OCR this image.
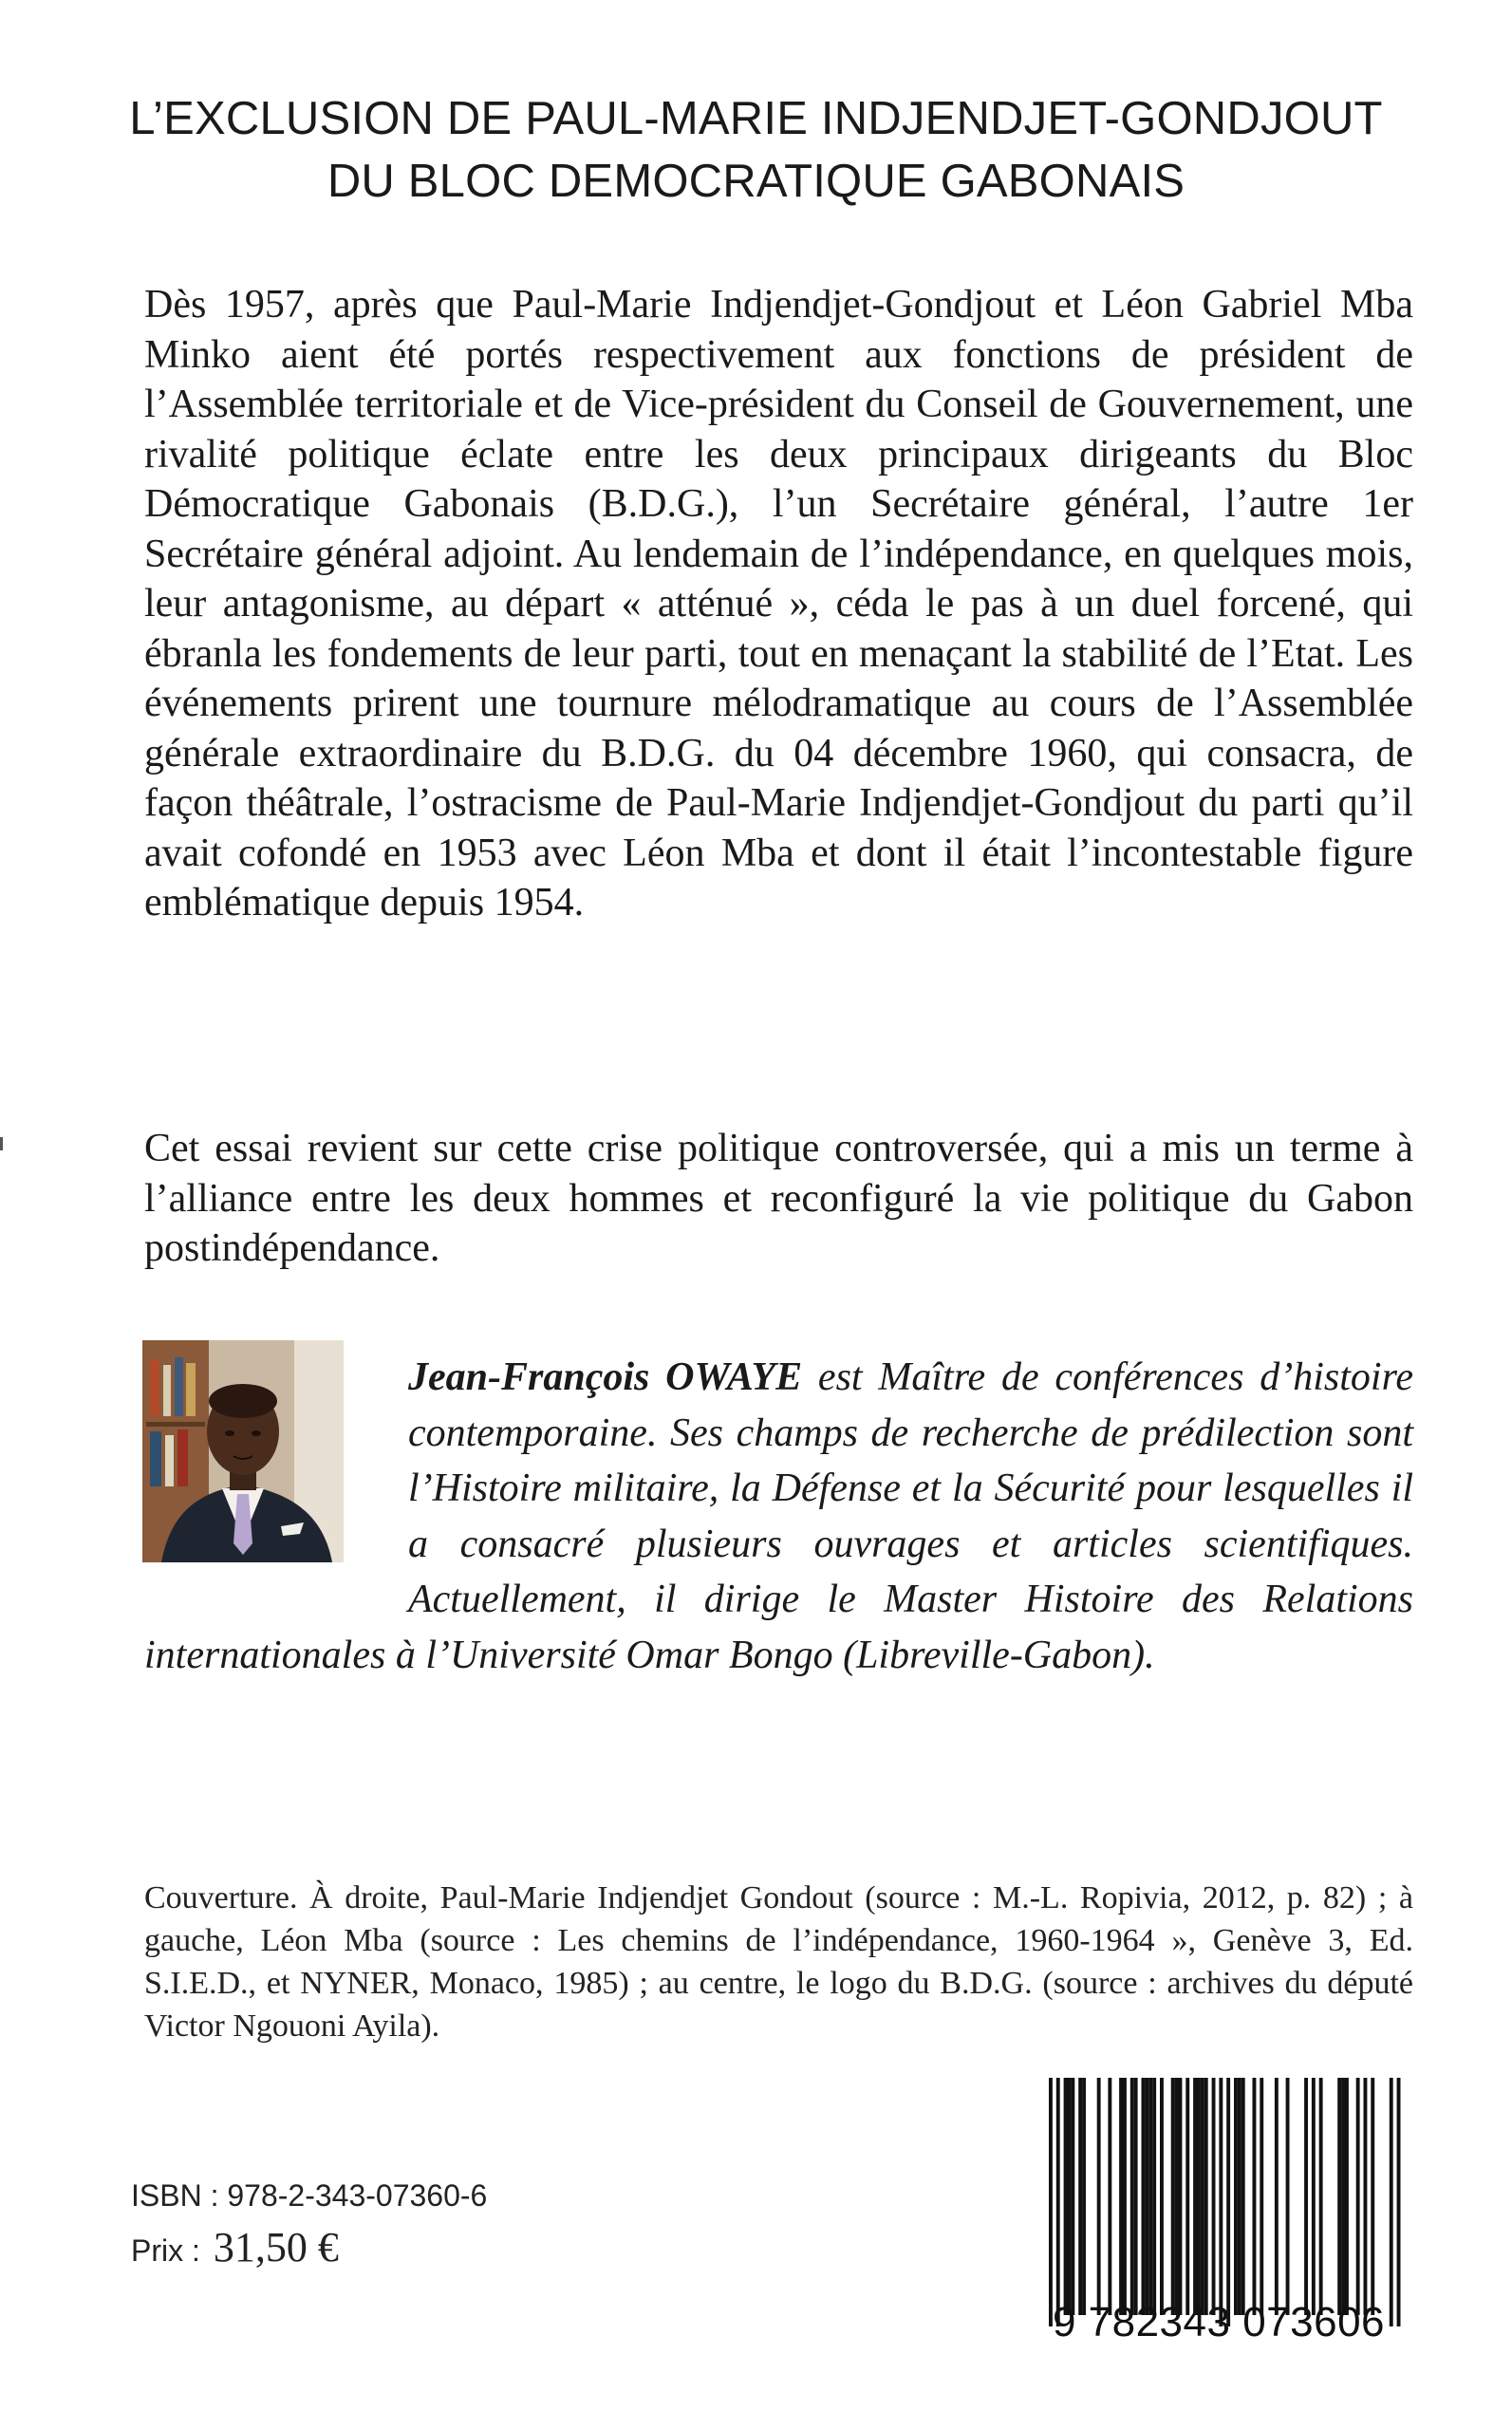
L’EXCLUSION DE PAUL-MARIE INDJENDJET-GONDJOUT
DU BLOC DEMOCRATIQUE GABONAIS
Dès 1957, après que Paul-Marie Indjendjet-Gondjout et Léon Gabriel Mba Minko aient été portés respectivement aux fonctions de président de l’Assemblée territoriale et de Vice-président du Conseil de Gouvernement, une rivalité politique éclate entre les deux principaux dirigeants du Bloc Démocratique Gabonais (B.D.G.), l’un Secrétaire général, l’autre 1er Secrétaire général adjoint. Au lendemain de l’indépendance, en quelques mois, leur antagonisme, au départ « atténué », céda le pas à un duel forcené, qui ébranla les fondements de leur parti, tout en menaçant la stabilité de l’Etat. Les événements prirent une tournure mélodramatique au cours de l’Assemblée générale extraordinaire du B.D.G. du 04 décembre 1960, qui consacra, de façon théâtrale, l’ostracisme de Paul-Marie Indjendjet-Gondjout du parti qu’il avait cofondé en 1953 avec Léon Mba et dont il était l’incontestable figure emblématique depuis 1954.
Cet essai revient sur cette crise politique controversée, qui a mis un terme à l’alliance entre les deux hommes et reconfiguré la vie politique du Gabon postindépendance.
Jean-François OWAYE est Maître de conférences d’histoire contemporaine. Ses champs de recherche de prédilection sont l’Histoire militaire, la Défense et la Sécurité pour lesquelles il a consacré plusieurs ouvrages et articles scientifiques. Actuellement, il dirige le Master Histoire des Relations internationales à l’Université Omar Bongo (Libreville-Gabon).
Couverture. À droite, Paul-Marie Indjendjet Gondout (source : M.-L. Ropivia, 2012, p. 82) ; à gauche, Léon Mba (source : Les chemins de l’indépendance, 1960-1964 », Genève 3, Ed. S.I.E.D., et NYNER, Monaco, 1985) ; au centre, le logo du B.D.G. (source : archives du député Victor Ngouoni Ayila).
ISBN : 978-2-343-07360-6
Prix : 31,50 €
9 782343 073606
